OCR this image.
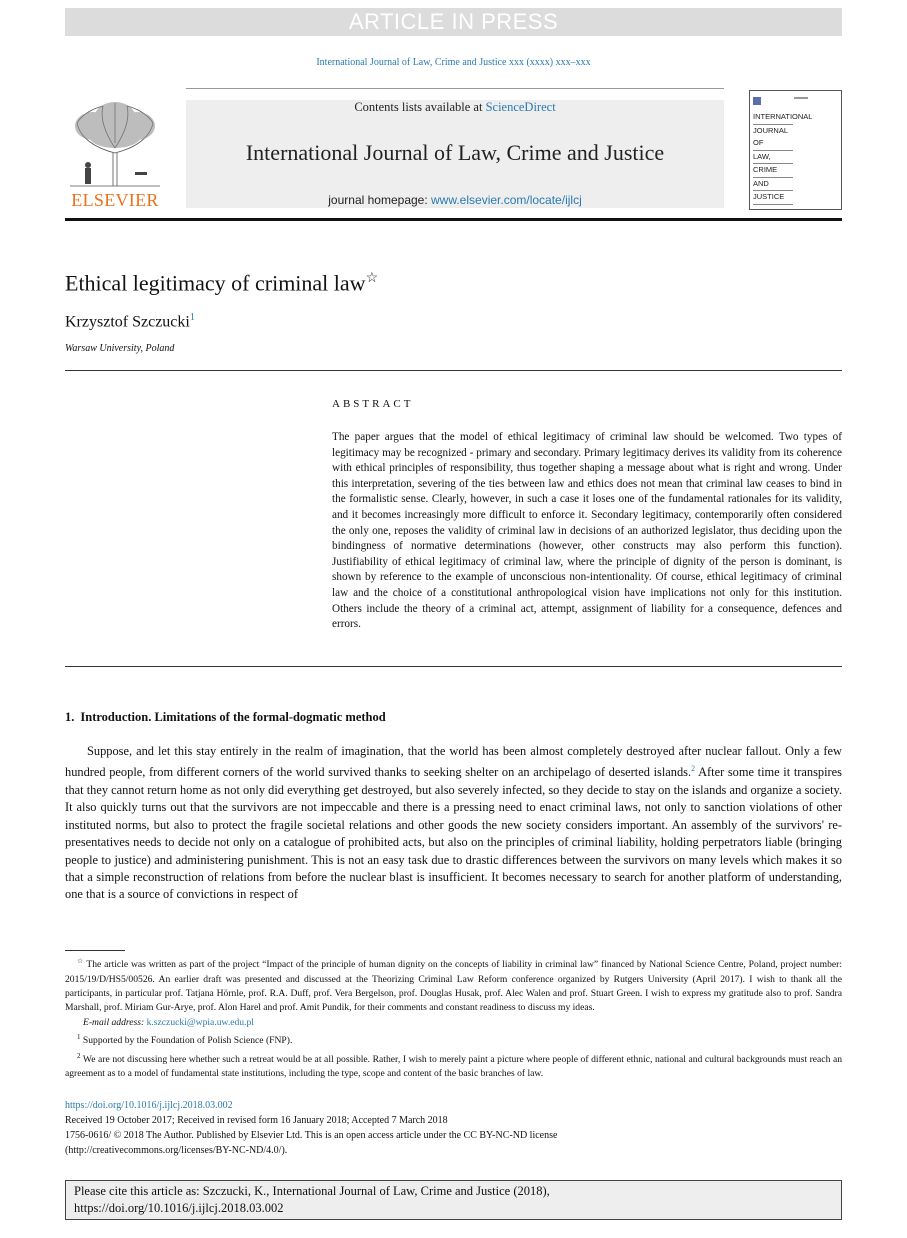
ARTICLE IN PRESS
International Journal of Law, Crime and Justice xxx (xxxx) xxx–xxx
ELSEVIER
Contents lists available at ScienceDirect
International Journal of Law, Crime and Justice
journal homepage: www.elsevier.com/locate/ijlcj
INTERNATIONAL
JOURNAL OF
LAW,
CRIME
AND
JUSTICE
Ethical legitimacy of criminal law☆
Krzysztof Szczucki$^1$
Warsaw University, Poland
ABSTRACT
The paper argues that the model of ethical legitimacy of criminal law should be welcomed. Two types of legitimacy may be recognized - primary and secondary. Primary legitimacy derives its validity from its coherence with ethical principles of responsibility, thus together shaping a message about what is right and wrong. Under this interpretation, severing of the ties between law and ethics does not mean that criminal law ceases to bind in the formalistic sense. Clearly, however, in such a case it loses one of the fundamental rationales for its validity, and it becomes increasingly more difficult to enforce it. Secondary legitimacy, contemporarily often considered the only one, reposes the validity of criminal law in decisions of an authorized legislator, thus deciding upon the bindingness of normative determinations (however, other constructs may also perform this function). Justifiability of ethical legitimacy of criminal law, where the principle of dignity of the person is dominant, is shown by reference to the example of unconscious non-intentionality. Of course, ethical legitimacy of criminal law and the choice of a constitutional anthropological vision have implications not only for this institution. Others include the theory of a criminal act, attempt, assignment of liability for a consequence, defences and errors.
1. Introduction. Limitations of the formal-dogmatic method
Suppose, and let this stay entirely in the realm of imagination, that the world has been almost completely destroyed after nuclear fallout. Only a few hundred people, from different corners of the world survived thanks to seeking shelter on an archipelago of deserted islands.$^2$ After some time it transpires that they cannot return home as not only did everything get destroyed, but also severely infected, so they decide to stay on the islands and organize a society. It also quickly turns out that the survivors are not impeccable and there is a pressing need to enact criminal laws, not only to sanction violations of other instituted norms, but also to protect the fragile societal relations and other goods the new society considers important. An assembly of the survivors' re-presentatives needs to decide not only on a catalogue of prohibited acts, but also on the principles of criminal liability, holding perpetrators liable (bringing people to justice) and administering punishment. This is not an easy task due to drastic differences between the survivors on many levels which makes it so that a simple reconstruction of relations from before the nuclear blast is insufficient. It becomes necessary to search for another platform of understanding, one that is a source of convictions in respect of

☆ The article was written as part of the project “Impact of the principle of human dignity on the concepts of liability in criminal law” financed by National Science Centre, Poland, project number: 2015/19/D/HS5/00526. An earlier draft was presented and discussed at the Theorizing Criminal Law Reform conference organized by Rutgers University (April 2017). I wish to thank all the participants, in particular prof. Tatjana Hörnle, prof. R.A. Duff, prof. Vera Bergelson, prof. Douglas Husak, prof. Alec Walen and prof. Stuart Green. I wish to express my gratitude also to prof. Sandra Marshall, prof. Miriam Gur-Arye, prof. Alon Harel and prof. Amit Pundik, for their comments and constant readiness to discuss my ideas.

E-mail address: k.szczucki@wpia.uw.edu.pl

$^1$ Supported by the Foundation of Polish Science (FNP).

$^2$ We are not discussing here whether such a retreat would be at all possible. Rather, I wish to merely paint a picture where people of different ethnic, national and cultural backgrounds must reach an agreement as to a model of fundamental state institutions, including the type, scope and content of the basic branches of law.

https://doi.org/10.1016/j.ijlcj.2018.03.002

Received 19 October 2017; Received in revised form 16 January 2018; Accepted 7 March 2018

1756-0616/ © 2018 The Author. Published by Elsevier Ltd. This is an open access article under the CC BY-NC-ND license

(http://creativecommons.org/licenses/BY-NC-ND/4.0/).

Please cite this article as: Szczucki, K., International Journal of Law, Crime and Justice (2018),
https://doi.org/10.1016/j.ijlcj.2018.03.002
